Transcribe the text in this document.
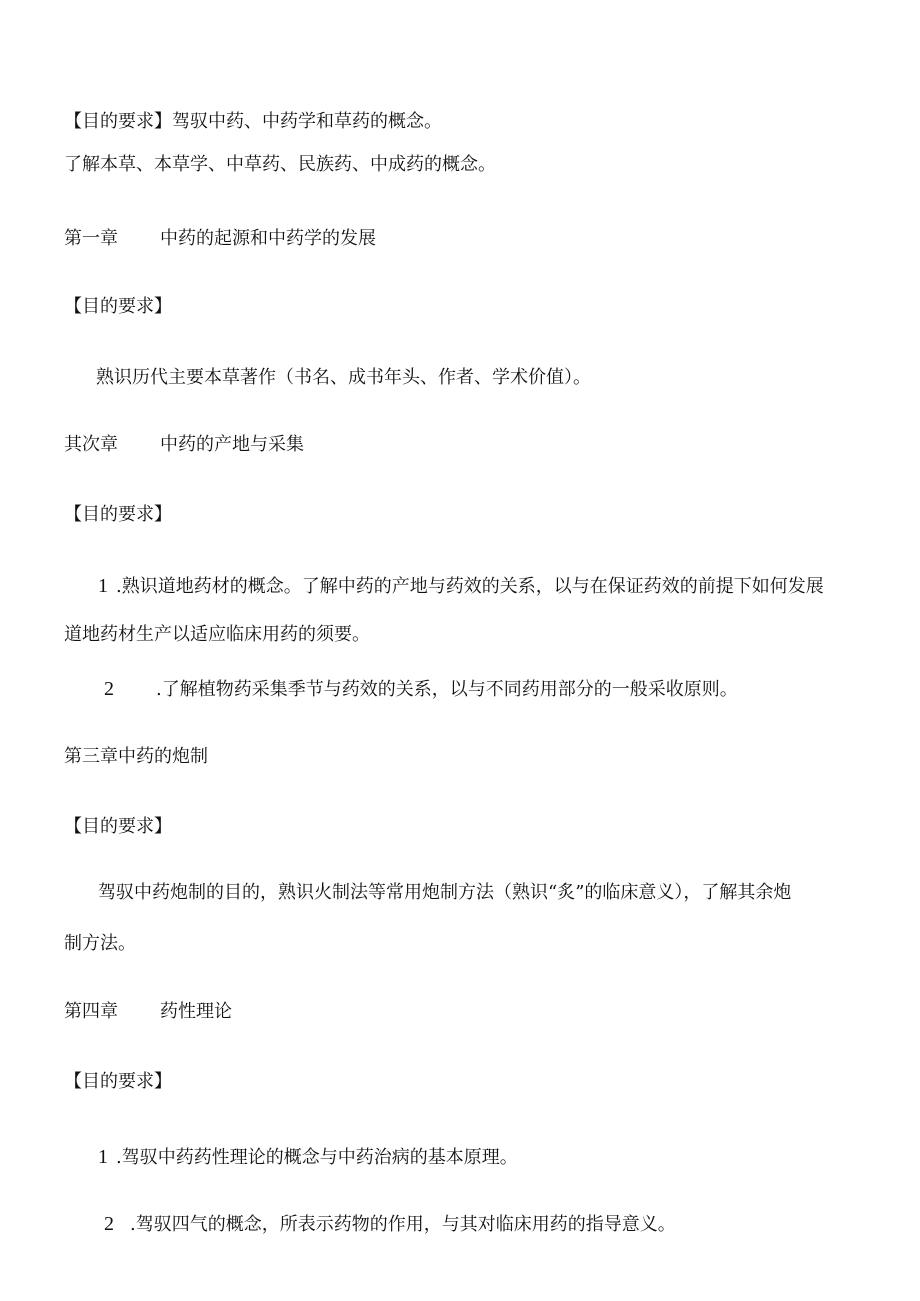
【目的要求】驾驭中药、中药学和草药的概念。
了解本草、本草学、中草药、民族药、中成药的概念。
第一章 中药的起源和中药学的发展
【目的要求】
熟识历代主要本草著作（书名、成书年头、作者、学术价值）。
其次章 中药的产地与采集
【目的要求】
1 .熟识道地药材的概念。了解中药的产地与药效的关系，以与在保证药效的前提下如何发展
道地药材生产以适应临床用药的须要。
2 .了解植物药采集季节与药效的关系，以与不同药用部分的一般采收原则。
第三章中药的炮制
【目的要求】
驾驭中药炮制的目的，熟识火制法等常用炮制方法（熟识“炙”的临床意义），了解其余炮
制方法。
第四章 药性理论
【目的要求】
1 .驾驭中药药性理论的概念与中药治病的基本原理。
2 .驾驭四气的概念，所表示药物的作用，与其对临床用药的指导意义。
